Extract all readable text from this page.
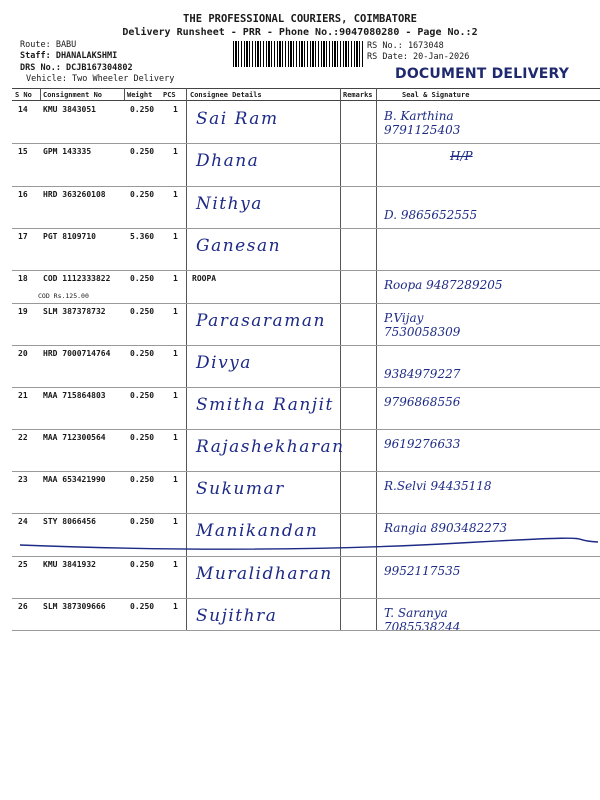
THE PROFESSIONAL COURIERS, COIMBATORE
Delivery Runsheet - PRR - Phone No.:9047080280 - Page No.:2
Route: BABU
Staff: DHANALAKSHMI
DRS No.: DCJB167304802
Vehicle: Two Wheeler Delivery
RS No.: 1673048
RS Date: 20-Jan-2026
DOCUMENT DELIVERY
S No Consignment No	Weight PCS Consignee Details	Remarks	Seal & Signature
14 KMU 3843051	0.250 1 Sai Ram	B. Karthina
9791125403
15 GPM 143335	0.250 1 Dhana	H/P
16 HRD 363260108	0.250 1 Nithya
D. 9865652555
17 PGT 8109710	5.360 1 Ganesan
18 COD 1112333822 0.250 1 ROOPA
COD Rs.125.00
Roopa 9487289205
19 SLM 387378732	0.250 1 Parasaraman	P.Vijay
7530058309
20 HRD 7000714764 0.250 1 Divya
9384979227
21 MAA 715864803	0.250 1 Smitha Ranjit	9796868556
22 MAA 712300564	0.250 1 Rajashekharan	9619276633
23 MAA 653421990	0.250 1 Sukumar	R.Selvi 94435118
24 STY 8066456	0.250 1 Manikandan	Rangia 8903482273
25 KMU 3841932	0.250 1 Muralidharan	9952117535
26 SLM 387309666	0.250 1 Sujithra	T. Saranya
7085538244
